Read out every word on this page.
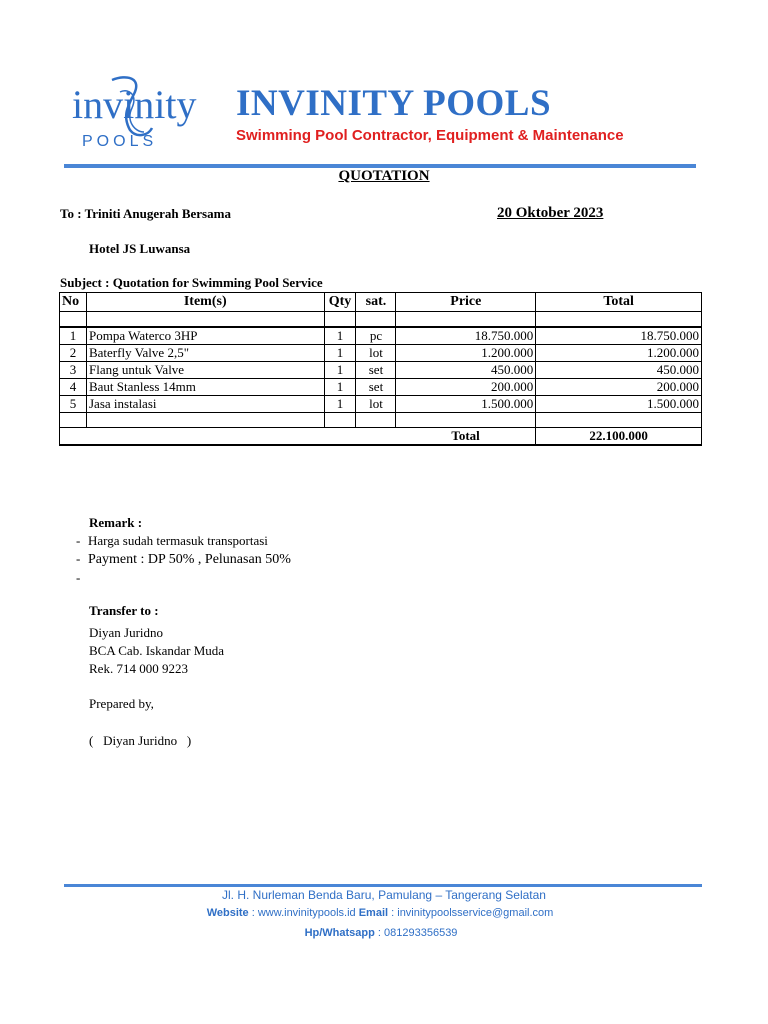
invinity
POOLS
INVINITY POOLS
Swimming Pool Contractor, Equipment & Maintenance
QUOTATION
To : Triniti Anugerah Bersama	20 Oktober 2023
Hotel JS Luwansa
Subject : Quotation for Swimming Pool Service
No	Item(s)	Qty	sat.	Price	Total

1	Pompa Waterco 3HP	1	pc	18.750.000	18.750.000
2	Baterfly Valve 2,5"	1	lot	1.200.000	1.200.000
3	Flang untuk Valve	1	set	450.000	450.000
4	Baut Stanless 14mm	1	set	200.000	200.000
5	Jasa instalasi	1	lot	1.500.000	1.500.000

				Total	22.100.000
Remark :
- Harga sudah termasuk transportasi
- Payment : DP 50% , Pelunasan 50%
-
Transfer to :
Diyan Juridno
BCA Cab. Iskandar Muda
Rek. 714 000 9223
Prepared by,
(   Diyan Juridno   )
Jl. H. Nurleman Benda Baru, Pamulang – Tangerang Selatan
Website : www.invinitypools.id Email : invinitypoolsservice@gmail.com
Hp/Whatsapp : 081293356539
